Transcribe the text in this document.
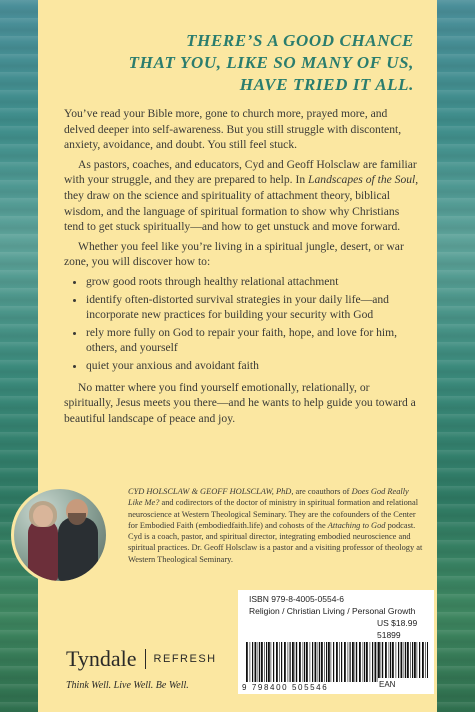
THERE’S A GOOD CHANCE
THAT YOU, LIKE SO MANY OF US,
HAVE TRIED IT ALL.

You’ve read your Bible more, gone to church more, prayed more, and delved deeper into self-awareness. But you still struggle with discontent, anxiety, avoidance, and doubt. You still feel stuck.

As pastors, coaches, and educators, Cyd and Geoff Holsclaw are familiar with your struggle, and they are prepared to help. In Landscapes of the Soul, they draw on the science and spirituality of attachment theory, biblical wisdom, and the language of spiritual formation to show why Christians tend to get stuck spiritually—and how to get unstuck and move forward.

Whether you feel like you’re living in a spiritual jungle, desert, or war zone, you will discover how to:

• grow good roots through healthy relational attachment
• identify often-distorted survival strategies in your daily life—and incorporate new practices for building your security with God
• rely more fully on God to repair your faith, hope, and love for him, others, and yourself
• quiet your anxious and avoidant faith

No matter where you find yourself emotionally, relationally, or spiritually, Jesus meets you there—and he wants to help guide you toward a beautiful landscape of peace and joy.

CYD HOLSCLAW & GEOFF HOLSCLAW, PhD, are coauthors of Does God Really Like Me? and codirectors of the doctor of ministry in spiritual formation and relational neuroscience at Western Theological Seminary. They are the cofounders of the Center for Embodied Faith (embodiedfaith.life) and cohosts of the Attaching to God podcast. Cyd is a coach, pastor, and spiritual director, integrating embodied neuroscience and spiritual practices. Dr. Geoff Holsclaw is a pastor and a visiting professor of theology at Western Theological Seminary.
Tyndale REFRESH
Think Well. Live Well. Be Well.
ISBN 979-8-4005-0554-6
Religion / Christian Living / Personal Growth
US $18.99
51899
9 798400 505546	EAN
